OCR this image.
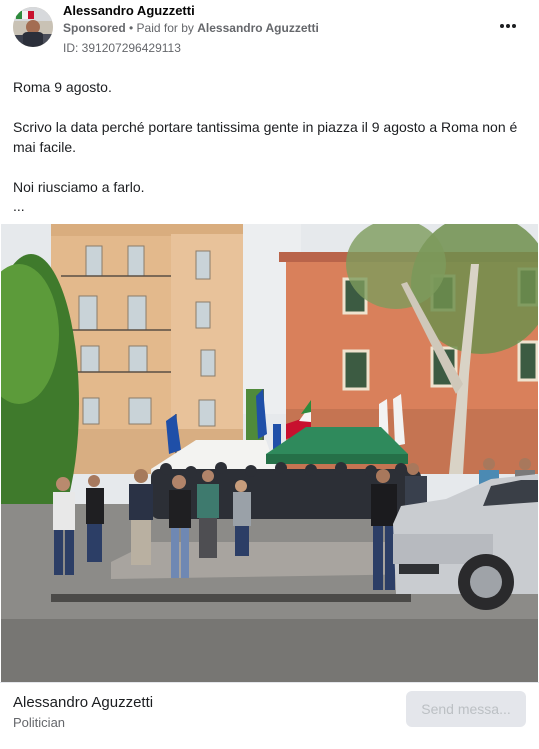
Alessandro Aguzzetti
Sponsored • Paid for by Alessandro Aguzzetti
ID: 391207296429113

Roma 9 agosto.

Scrivo la data perché portare tantissima gente in piazza il 9 agosto a Roma non é mai facile.

Noi riusciamo a farlo.

...

Alessandro Aguzzetti
Politician
Send messa...
